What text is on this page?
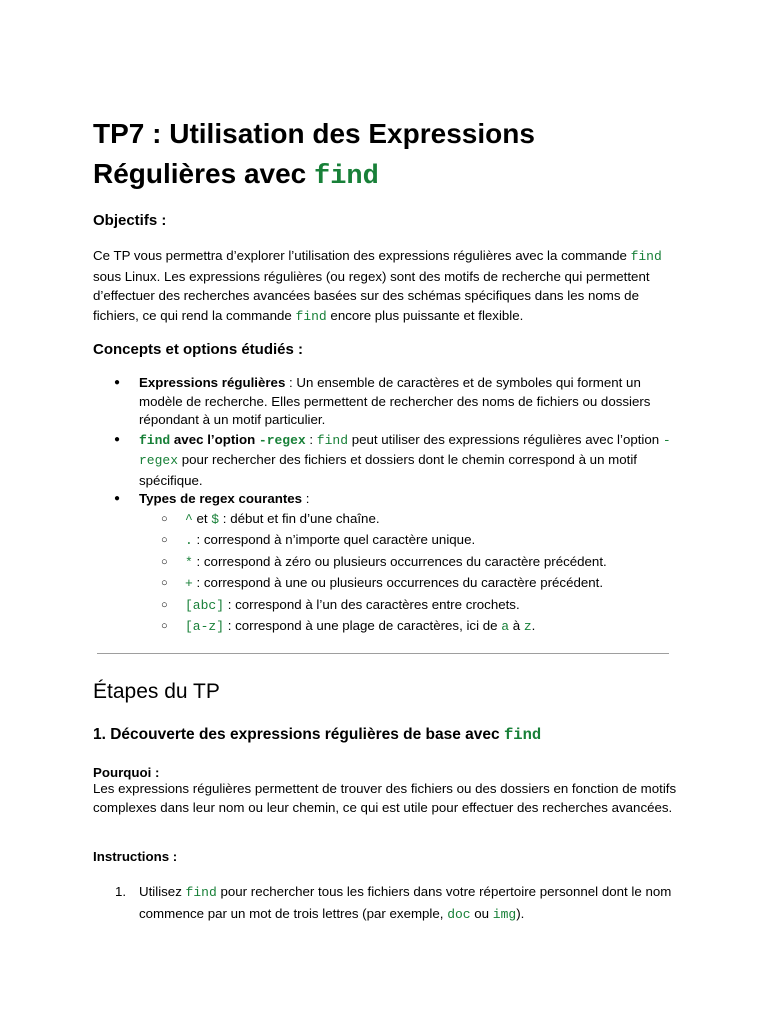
TP7 : Utilisation des Expressions Régulières avec find
Objectifs :

Ce TP vous permettra d’explorer l’utilisation des expressions régulières avec la commande find sous Linux. Les expressions régulières (ou regex) sont des motifs de recherche qui permettent d’effectuer des recherches avancées basées sur des schémas spécifiques dans les noms de fichiers, ce qui rend la commande find encore plus puissante et flexible.

Concepts et options étudiés :
● Expressions régulières : Un ensemble de caractères et de symboles qui forment un modèle de recherche. Elles permettent de rechercher des noms de fichiers ou dossiers répondant à un motif particulier.
● find avec l’option -regex : find peut utiliser des expressions régulières avec l’option -regex pour rechercher des fichiers et dossiers dont le chemin correspond à un motif spécifique.
● Types de regex courantes :
○ ^ et $ : début et fin d’une chaîne.
○ . : correspond à n’importe quel caractère unique.
○ * : correspond à zéro ou plusieurs occurrences du caractère précédent.
○ + : correspond à une ou plusieurs occurrences du caractère précédent.
○ [abc] : correspond à l’un des caractères entre crochets.
○ [a-z] : correspond à une plage de caractères, ici de a à z.
Étapes du TP
1. Découverte des expressions régulières de base avec find

Pourquoi :

Les expressions régulières permettent de trouver des fichiers ou des dossiers en fonction de motifs complexes dans leur nom ou leur chemin, ce qui est utile pour effectuer des recherches avancées.

Instructions :

1. Utilisez find pour rechercher tous les fichiers dans votre répertoire personnel dont le nom commence par un mot de trois lettres (par exemple, doc ou img).
